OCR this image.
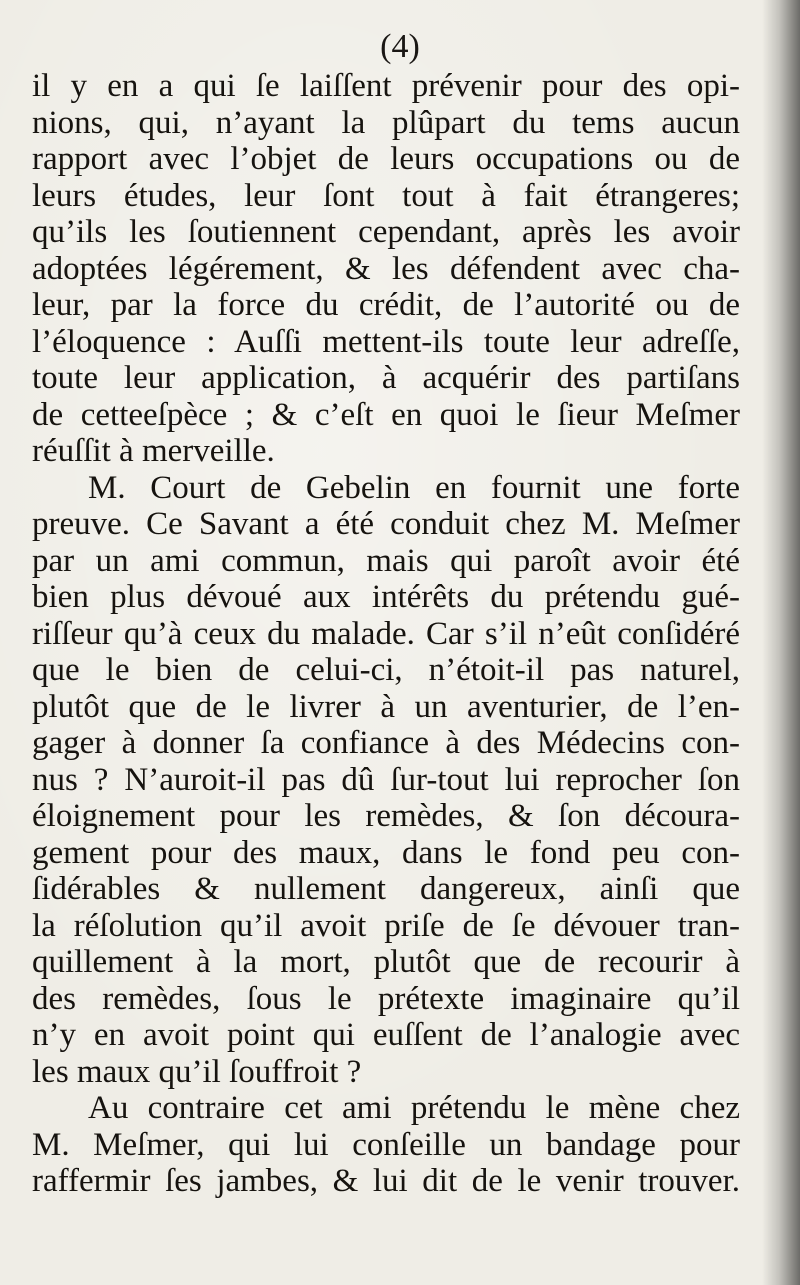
(4)
il y en a qui ſe laiſſent prévenir pour des opi-
nions, qui, n’ayant la plûpart du tems aucun
rapport avec l’objet de leurs occupations ou de
leurs études, leur ſont tout à fait étrangeres;
qu’ils les ſoutiennent cependant, après les avoir
adoptées légérement, & les défendent avec cha-
leur, par la force du crédit, de l’autorité ou de
l’éloquence : Auſſi mettent-ils toute leur adreſſe,
toute leur application, à acquérir des partiſans
de cetteeſpèce ; & c’eſt en quoi le ſieur Meſmer
réuſſit à merveille.
M. Court de Gebelin en fournit une forte
preuve. Ce Savant a été conduit chez M. Meſmer
par un ami commun, mais qui paroît avoir été
bien plus dévoué aux intérêts du prétendu gué-
riſſeur qu’à ceux du malade. Car s’il n’eût conſidéré
que le bien de celui-ci, n’étoit-il pas naturel,
plutôt que de le livrer à un aventurier, de l’en-
gager à donner ſa confiance à des Médecins con-
nus ? N’auroit-il pas dû ſur-tout lui reprocher ſon
éloignement pour les remèdes, & ſon découra-
gement pour des maux, dans le fond peu con-
ſidérables & nullement dangereux, ainſi que
la réſolution qu’il avoit priſe de ſe dévouer tran-
quillement à la mort, plutôt que de recourir à
des remèdes, ſous le prétexte imaginaire qu’il
n’y en avoit point qui euſſent de l’analogie avec
les maux qu’il ſouffroit ?
Au contraire cet ami prétendu le mène chez
M. Meſmer, qui lui conſeille un bandage pour
raffermir ſes jambes, & lui dit de le venir trouver.
